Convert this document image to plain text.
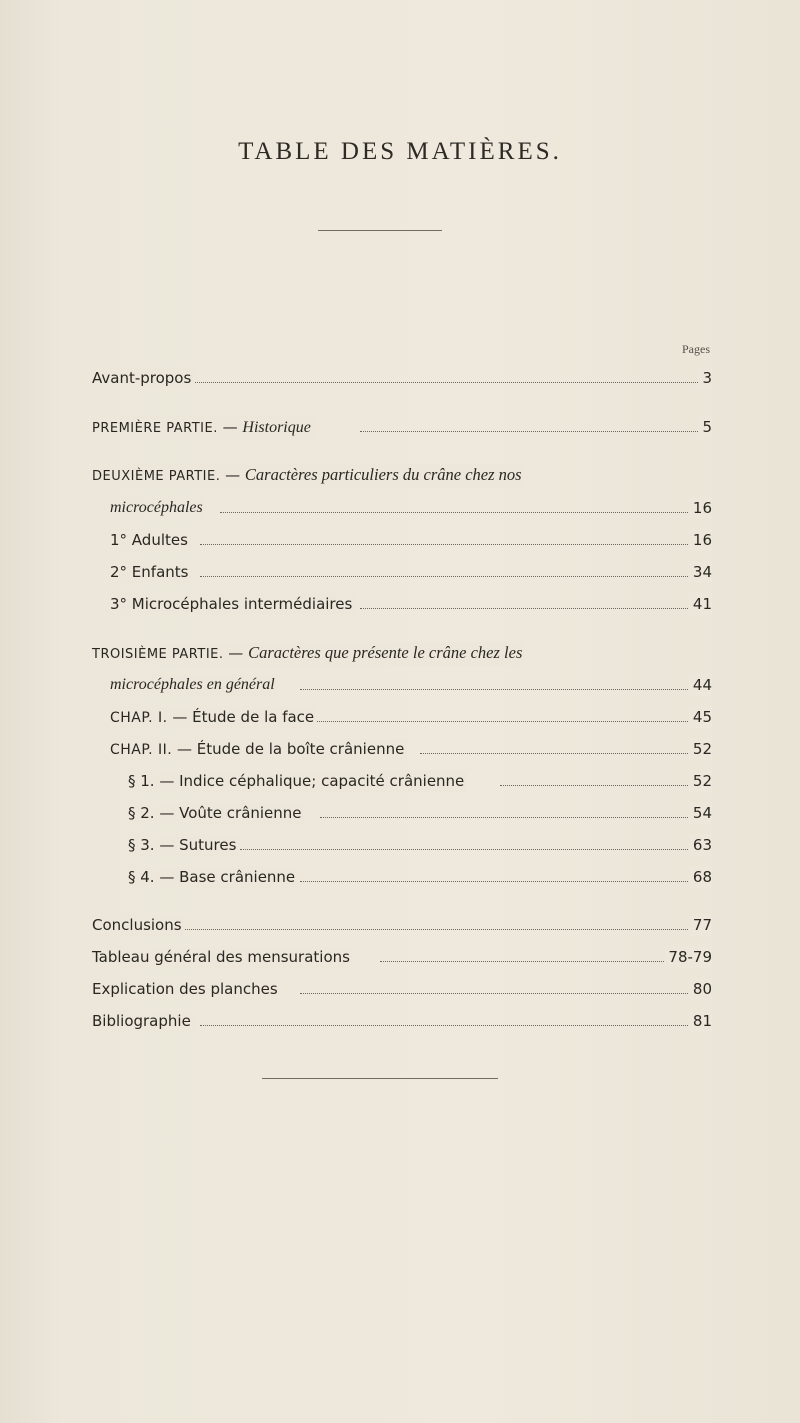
TABLE DES MATIÈRES.
Pages
Avant-propos	3
PREMIÈRE PARTIE. — Historique	5
DEUXIÈME PARTIE. — Caractères particuliers du crâne chez nos
microcéphales	16
1° Adultes	16
2° Enfants	34
3° Microcéphales intermédiaires	41
TROISIÈME PARTIE. — Caractères que présente le crâne chez les
microcéphales en général	44
CHAP. I. — Étude de la face	45
CHAP. II. — Étude de la boîte crânienne	52
§ 1. — Indice céphalique; capacité crânienne	52
§ 2. — Voûte crânienne	54
§ 3. — Sutures	63
§ 4. — Base crânienne	68
Conclusions	77
Tableau général des mensurations	78-79
Explication des planches	80
Bibliographie	81
